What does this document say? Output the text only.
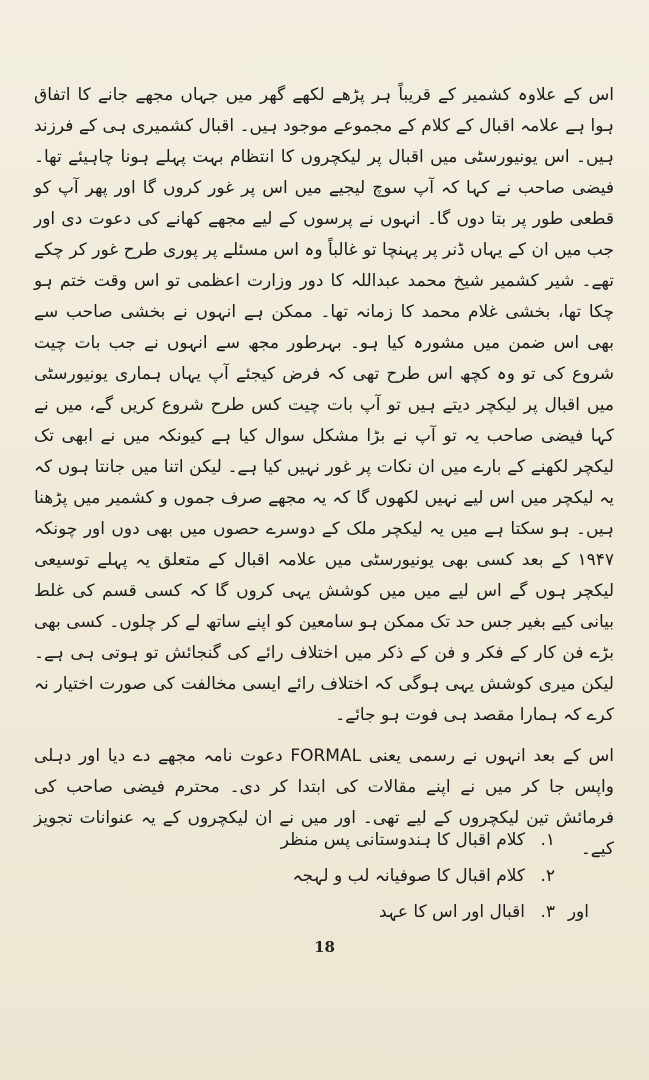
اس کے علاوہ کشمیر کے قریباً ہر پڑھے لکھے گھر میں جہاں مجھے جانے کا اتفاق ہوا ہے علامہ اقبال کے کلام کے مجموعے موجود ہیں۔ اقبال کشمیری ہی کے فرزند ہیں۔ اس یونیورسٹی میں اقبال پر لیکچروں کا انتظام بہت پہلے ہونا چاہیئے تھا۔ فیضی صاحب نے کہا کہ آپ سوچ لیجیے میں اس پر غور کروں گا اور پھر آپ کو قطعی طور پر بتا دوں گا۔ انہوں نے پرسوں کے لیے مجھے کھانے کی دعوت دی اور جب میں ان کے یہاں ڈنر پر پہنچا تو غالباً وہ اس مسئلے پر پوری طرح غور کر چکے تھے۔ شیر کشمیر شیخ محمد عبداللہ کا دور وزارت اعظمی تو اس وقت ختم ہو چکا تھا، بخشی غلام محمد کا زمانہ تھا۔ ممکن ہے انہوں نے بخشی صاحب سے بھی اس ضمن میں مشورہ کیا ہو۔ بہرطور مجھ سے انہوں نے جب بات چیت شروع کی تو وہ کچھ اس طرح تھی کہ فرض کیجئے آپ یہاں ہماری یونیورسٹی میں اقبال پر لیکچر دیتے ہیں تو آپ بات چیت کس طرح شروع کریں گے، میں نے کہا فیضی صاحب یہ تو آپ نے بڑا مشکل سوال کیا ہے کیونکہ میں نے ابھی تک لیکچر لکھنے کے بارے میں ان نکات پر غور نہیں کیا ہے۔ لیکن اتنا میں جانتا ہوں کہ یہ لیکچر میں اس لیے نہیں لکھوں گا کہ یہ مجھے صرف جموں و کشمیر میں پڑھنا ہیں۔ ہو سکتا ہے میں یہ لیکچر ملک کے دوسرے حصوں میں بھی دوں اور چونکہ ۱۹۴۷ کے بعد کسی بھی یونیورسٹی میں علامہ اقبال کے متعلق یہ پہلے توسیعی لیکچر ہوں گے اس لیے میں میں کوشش یہی کروں گا کہ کسی قسم کی غلط بیانی کیے بغیر جس حد تک ممکن ہو سامعین کو اپنے ساتھ لے کر چلوں۔ کسی بھی بڑے فن کار کے فکر و فن کے ذکر میں اختلاف رائے کی گنجائش تو ہوتی ہی ہے۔ لیکن میری کوشش یہی ہوگی کہ اختلاف رائے ایسی مخالفت کی صورت اختیار نہ کرے کہ ہمارا مقصد ہی فوت ہو جائے۔

اس کے بعد انہوں نے رسمی یعنی FORMAL دعوت نامہ مجھے دے دیا اور دہلی واپس جا کر میں نے اپنے مقالات کی ابتدا کر دی۔ محترم فیضی صاحب کی فرمائش تین لیکچروں کے لیے تھی۔ اور میں نے ان لیکچروں کے یہ عنوانات تجویز کیے۔

۱.
کلام اقبال کا ہندوستانی پس منظر
۲.
کلام اقبال کا صوفیانہ لب و لہجہ
اور
۳.
اقبال اور اس کا عہد
18
